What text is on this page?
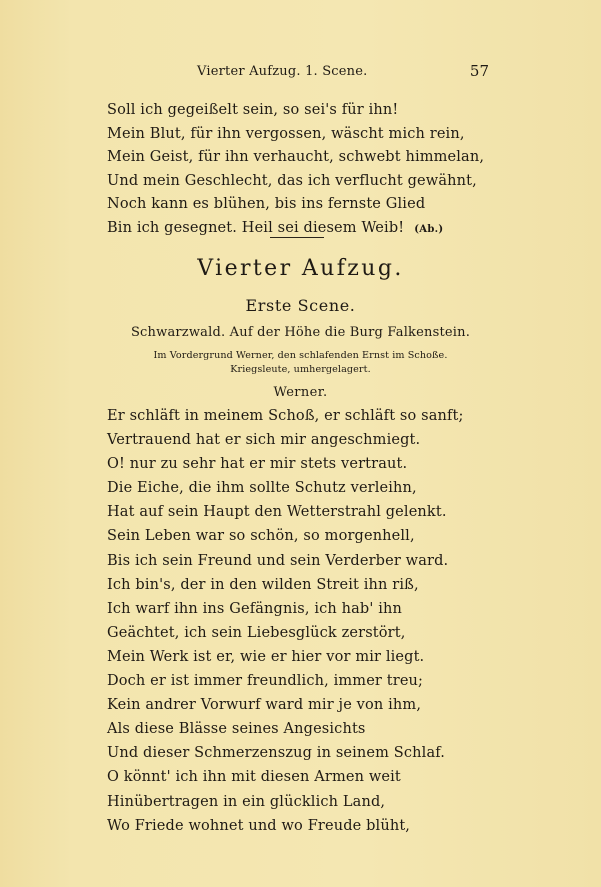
Vierter Aufzug. 1. Scene.	57
Soll ich gegeißelt sein, so sei's für ihn!
Mein Blut, für ihn vergossen, wäscht mich rein,
Mein Geist, für ihn verhaucht, schwebt himmelan,
Und mein Geschlecht, das ich verflucht gewähnt,
Noch kann es blühen, bis ins fernste Glied
Bin ich gesegnet. Heil sei diesem Weib! (Ab.)
Vierter Aufzug.
Erste Scene.
Schwarzwald. Auf der Höhe die Burg Falkenstein.
Im Vordergrund Werner, den schlafenden Ernst im Schoße.
Kriegsleute, umhergelagert.
Werner.
Er schläft in meinem Schoß, er schläft so sanft;
Vertrauend hat er sich mir angeschmiegt.
O! nur zu sehr hat er mir stets vertraut.
Die Eiche, die ihm sollte Schutz verleihn,
Hat auf sein Haupt den Wetterstrahl gelenkt.
Sein Leben war so schön, so morgenhell,
Bis ich sein Freund und sein Verderber ward.
Ich bin's, der in den wilden Streit ihn riß,
Ich warf ihn ins Gefängnis, ich hab' ihn
Geächtet, ich sein Liebesglück zerstört,
Mein Werk ist er, wie er hier vor mir liegt.
Doch er ist immer freundlich, immer treu;
Kein andrer Vorwurf ward mir je von ihm,
Als diese Blässe seines Angesichts
Und dieser Schmerzenszug in seinem Schlaf.
O könnt' ich ihn mit diesen Armen weit
Hinübertragen in ein glücklich Land,
Wo Friede wohnet und wo Freude blüht,
